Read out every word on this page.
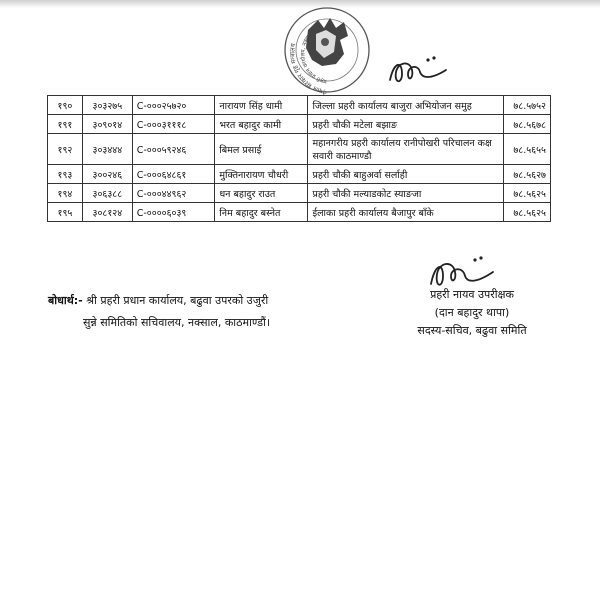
नेपाल सरकार गृह मन्त्रालय
प्रहरी प्रधान कार्यालय, नक्साल
१९०	३०३२७५	C-०००२५७२०	नारायण सिंह धामी	जिल्ला प्रहरी कार्यालय बाजुरा अभियोजन समुह	७८.५७५२
१९१	३०९०१४	C-०००३१११८	भरत बहादुर कामी	प्रहरी चौकी मटेला बझाङ	७८.५६७८
१९२	३०३४४४	C-०००५९२४६	बिमल प्रसाई	महानगरीय प्रहरी कार्यालय रानीपोखरी परिचालन कक्ष सवारी काठमाण्डौ	७८.५६५५
१९३	३००२४६	C-०००६४८६१	मुक्तिनारायण चौधरी	प्रहरी चौकी बाहुअर्वा सर्लाही	७८.५६२७
१९४	३०६३८८	C-०००४४९६२	धन बहादुर राउत	प्रहरी चौकी मल्याडकोट स्याङजा	७८.५६२५
१९५	३०८१२४	C-००००६०३९	निम बहादुर बस्नेत	ईलाका प्रहरी कार्यालय बैजापुर बाँके	७८.५६२५
बोधार्थ:- श्री प्रहरी प्रधान कार्यालय, बढुवा उपरको उजुरी
सुन्ने समितिको सचिवालय, नक्साल, काठमाण्डौं।
प्रहरी नायव उपरीक्षक
(दान बहादुर थापा)
सदस्य-सचिव, बढुवा समिति
